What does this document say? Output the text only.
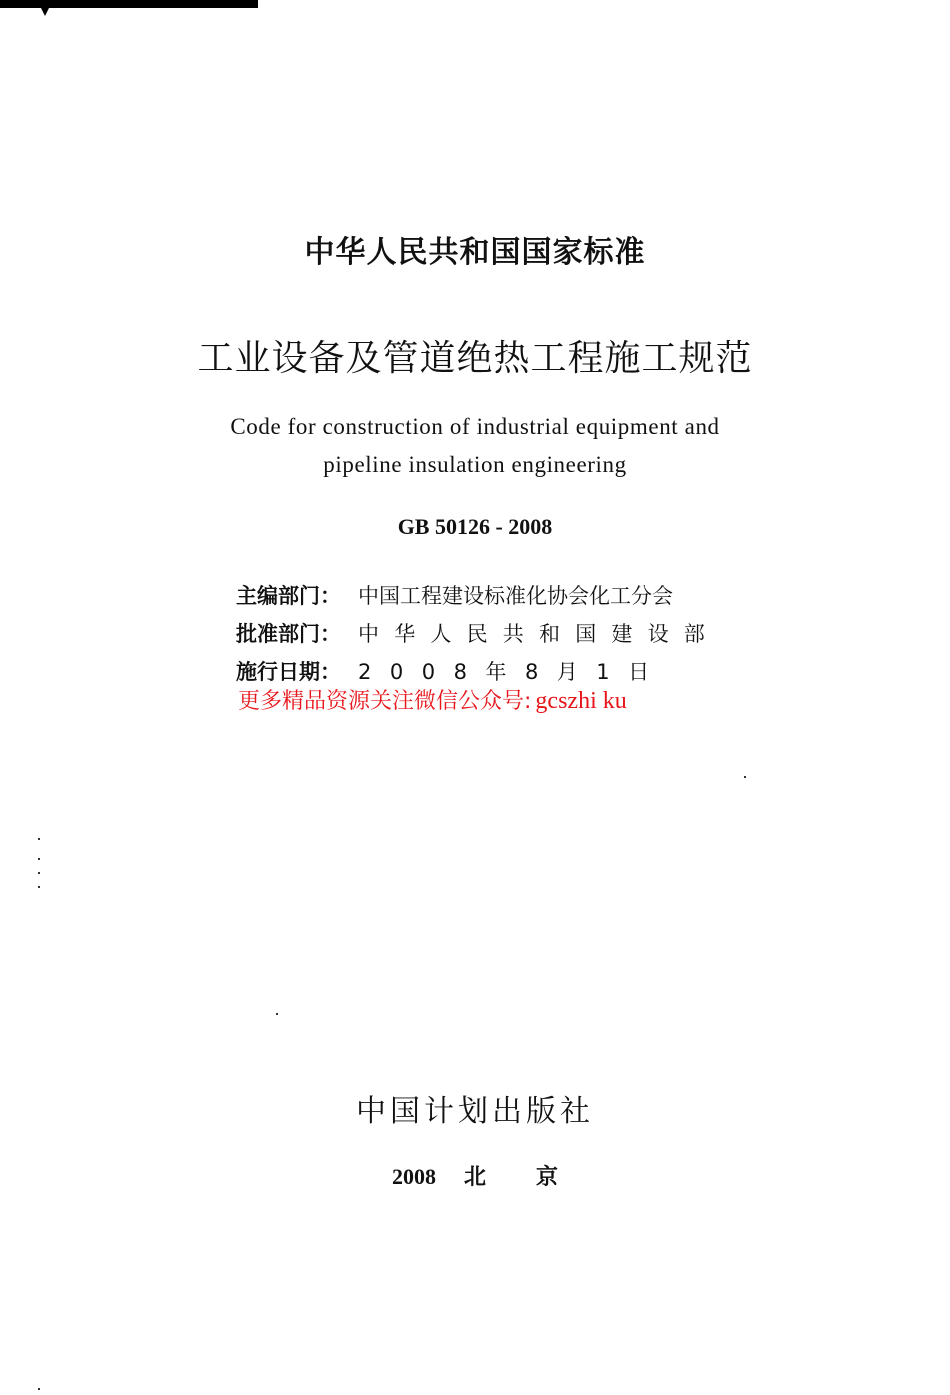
中华人民共和国国家标准
工业设备及管道绝热工程施工规范
Code for construction of industrial equipment and
pipeline insulation engineering
GB 50126 - 2008
主编部门： 中国工程建设标准化协会化工分会
批准部门： 中华人民共和国建设部
施行日期： 2008年8月1日
更多精品资源关注微信公众号: gcszhi ku
中国计划出版社
2008 北 京
